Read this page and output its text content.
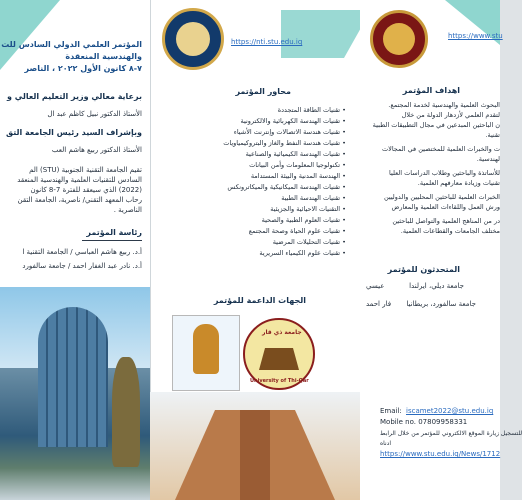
المؤتمر العلمي الدولي السادس للت
والهندسية المنعقدة
٧-٨ كانون الأول ٢٠٢٢ ، الناصر
برعاية معالي وزير التعليم العالي و
الأستاذ الدكتور نبيل كاظم عبد ال
وبإشراف السيد رئيس الجامعة التق
الأستاذ الدكتور ربيع هاشم العب
تقيم الجامعة التقنية الجنوبية (STU) الم
السادس للتقنيات العلمية والهندسية المنعقد
(2022) الذي سيعقد للفترة 7-8 كانون
رحاب المعهد التقني/ ناصرية، الجامعة التقن
الناصرية .
رئاسة المؤتمر
أ.د. ربيع هاشم العباسي / الجامعة التقنية ا
أ.د. نادر عبد الغفار احمد / جامعة سالفورد
https://nti.stu.edu.iq
محاور المؤتمر
• تقنيات الطاقة المتجددة
• تقنيات الهندسة الكهربائية والالكترونية
• تقنيات هندسة الاتصالات وإنترنت الأشياء
• تقنيات هندسة النفط والغاز والبتروكيمياويات
• تقنيات الهندسة الكيميائية والصناعية
• تكنولوجيا المعلومات وأمن البيانات
• الهندسة المدنية والبيئة المستدامة
• تقنيات الهندسة الميكانيكية والميكاترونكس
• تقنيات الهندسة الطبية
• التقنيات الاحيائية والجزيئية
• تقنيات العلوم الطبية والصحية
• تقنيات علوم الحياة وصحة المجتمع
• تقنيات التحليلات المرضية
• تقنيات علوم الكيمياء السريرية
الجهات الداعمة للمؤتمر
جامعة ذي قار
University of Thi-Qar
https://www.stu
اهداف المؤتمر
البحوث العلمية والهندسية لخدمة المجتمع.
لتقدم العلمي لأزدهار الدولة من خلال
ن الباحثين المبدعين في مجال التطبيقات الطبية
تقنية.
ت والخبرات العلمية للمختصين في المجالات
لهندسية.
للأساتذة والباحثين وطلاب الدراسات العليا
تقنيات وزيادة معارفهم العلمية.
الخبرات العلمية للباحثين المحليين والدوليين
ورش العمل واللقاءات العلمية والمعارض
در من المناهج العلمية والتواصل للباحثين
مختلف الجامعات والقطاعات العلمية.
المتحدثون للمؤتمر
عيسي	جامعة ديلي، ايرلندا
فار احمد جامعة سالفورد، بريطانيا
Email: iscamet2022@stu.edu.iq
Mobile no. 07809958331
للتسجيل زيارة الموقع الالكتروني للمؤتمر من خلال الرابط
ادناه
https://www.stu.edu.iq/News/1712
